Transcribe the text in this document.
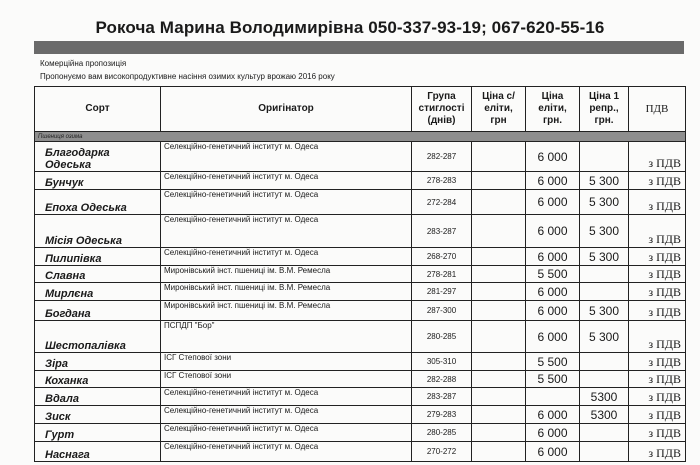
Рокоча Марина Володимирівна 050-337-93-19; 067-620-55-16
Комерційна пропозиція
Пропонуємо вам високопродуктивне насіння озимих культур врожаю 2016 року
Сорт	Оригінатор	Група стиглості (днів)	Ціна с/еліти, грн	Ціна еліти, грн.	Ціна 1 репр., грн.	ПДВ
Пшениця озима						
Благодарка Одеська	Селекційно-генетичний інститут м. Одеса	282-287		6 000		з ПДВ
Бунчук	Селекційно-генетичний інститут м. Одеса	278-283		6 000	5 300	з ПДВ
Епоха Одеська	Селекційно-генетичний інститут м. Одеса	272-284		6 000	5 300	з ПДВ
Місія Одеська	Селекційно-генетичний інститут м. Одеса	283-287		6 000	5 300	з ПДВ
Пилипівка	Селекційно-генетичний інститут м. Одеса	268-270		6 000	5 300	з ПДВ
Славна	Миронівський інст. пшениці ім. В.М. Ремесла	278-281		5 500		з ПДВ
Мирлєна	Миронівський інст. пшениці ім. В.М. Ремесла	281-297		6 000		з ПДВ
Богдана	Миронівський інст. пшениці ім. В.М. Ремесла	287-300		6 000	5 300	з ПДВ
Шестопалівка	ПСПДП "Бор"	280-285		6 000	5 300	з ПДВ
Зіра	ІСГ Степової зони	305-310		5 500		з ПДВ
Коханка	ІСГ Степової зони	282-288		5 500		з ПДВ
Вдала	Селекційно-генетичний інститут м. Одеса	283-287			5300	з ПДВ
Зиск	Селекційно-генетичний інститут м. Одеса	279-283		6 000	5300	з ПДВ
Гурт	Селекційно-генетичний інститут м. Одеса	280-285		6 000		з ПДВ
Наснага	Селекційно-генетичний інститут м. Одеса	270-272		6 000		з ПДВ
